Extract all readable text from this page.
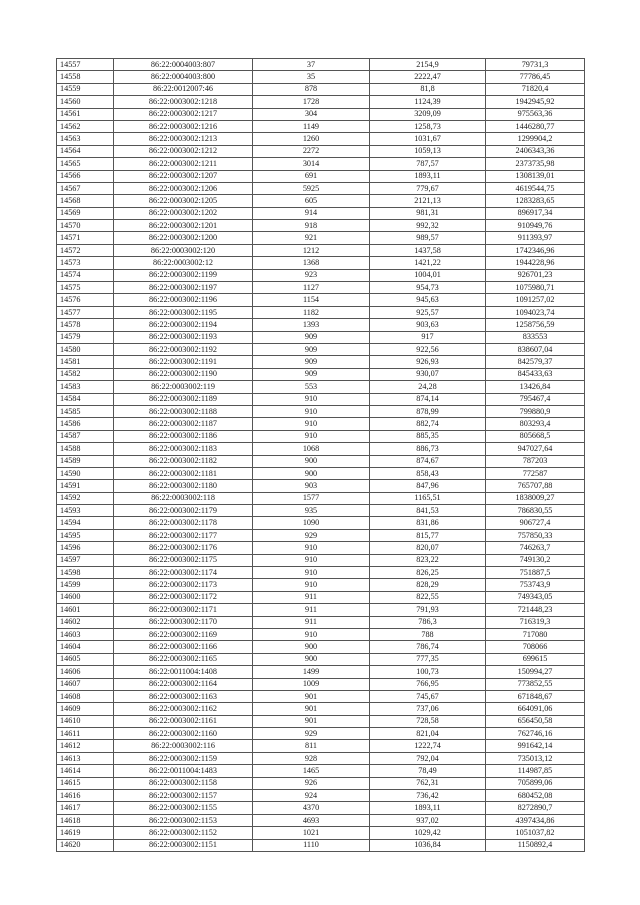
14557	86:22:0004003:807	37	2154,9	79731,3
14558	86:22:0004003:800	35	2222,47	77786,45
14559	86:22:0012007:46	878	81,8	71820,4
14560	86:22:0003002:1218	1728	1124,39	1942945,92
14561	86:22:0003002:1217	304	3209,09	975563,36
14562	86:22:0003002:1216	1149	1258,73	1446280,77
14563	86:22:0003002:1213	1260	1031,67	1299904,2
14564	86:22:0003002:1212	2272	1059,13	2406343,36
14565	86:22:0003002:1211	3014	787,57	2373735,98
14566	86:22:0003002:1207	691	1893,11	1308139,01
14567	86:22:0003002:1206	5925	779,67	4619544,75
14568	86:22:0003002:1205	605	2121,13	1283283,65
14569	86:22:0003002:1202	914	981,31	896917,34
14570	86:22:0003002:1201	918	992,32	910949,76
14571	86:22:0003002:1200	921	989,57	911393,97
14572	86:22:0003002:120	1212	1437,58	1742346,96
14573	86:22:0003002:12	1368	1421,22	1944228,96
14574	86:22:0003002:1199	923	1004,01	926701,23
14575	86:22:0003002:1197	1127	954,73	1075980,71
14576	86:22:0003002:1196	1154	945,63	1091257,02
14577	86:22:0003002:1195	1182	925,57	1094023,74
14578	86:22:0003002:1194	1393	903,63	1258756,59
14579	86:22:0003002:1193	909	917	833553
14580	86:22:0003002:1192	909	922,56	838607,04
14581	86:22:0003002:1191	909	926,93	842579,37
14582	86:22:0003002:1190	909	930,07	845433,63
14583	86:22:0003002:119	553	24,28	13426,84
14584	86:22:0003002:1189	910	874,14	795467,4
14585	86:22:0003002:1188	910	878,99	799880,9
14586	86:22:0003002:1187	910	882,74	803293,4
14587	86:22:0003002:1186	910	885,35	805668,5
14588	86:22:0003002:1183	1068	886,73	947027,64
14589	86:22:0003002:1182	900	874,67	787203
14590	86:22:0003002:1181	900	858,43	772587
14591	86:22:0003002:1180	903	847,96	765707,88
14592	86:22:0003002:118	1577	1165,51	1838009,27
14593	86:22:0003002:1179	935	841,53	786830,55
14594	86:22:0003002:1178	1090	831,86	906727,4
14595	86:22:0003002:1177	929	815,77	757850,33
14596	86:22:0003002:1176	910	820,07	746263,7
14597	86:22:0003002:1175	910	823,22	749130,2
14598	86:22:0003002:1174	910	826,25	751887,5
14599	86:22:0003002:1173	910	828,29	753743,9
14600	86:22:0003002:1172	911	822,55	749343,05
14601	86:22:0003002:1171	911	791,93	721448,23
14602	86:22:0003002:1170	911	786,3	716319,3
14603	86:22:0003002:1169	910	788	717080
14604	86:22:0003002:1166	900	786,74	708066
14605	86:22:0003002:1165	900	777,35	699615
14606	86:22:0011004:1408	1499	100,73	150994,27
14607	86:22:0003002:1164	1009	766,95	773852,55
14608	86:22:0003002:1163	901	745,67	671848,67
14609	86:22:0003002:1162	901	737,06	664091,06
14610	86:22:0003002:1161	901	728,58	656450,58
14611	86:22:0003002:1160	929	821,04	762746,16
14612	86:22:0003002:116	811	1222,74	991642,14
14613	86:22:0003002:1159	928	792,04	735013,12
14614	86:22:0011004:1483	1465	78,49	114987,85
14615	86:22:0003002:1158	926	762,31	705899,06
14616	86:22:0003002:1157	924	736,42	680452,08
14617	86:22:0003002:1155	4370	1893,11	8272890,7
14618	86:22:0003002:1153	4693	937,02	4397434,86
14619	86:22:0003002:1152	1021	1029,42	1051037,82
14620	86:22:0003002:1151	1110	1036,84	1150892,4
